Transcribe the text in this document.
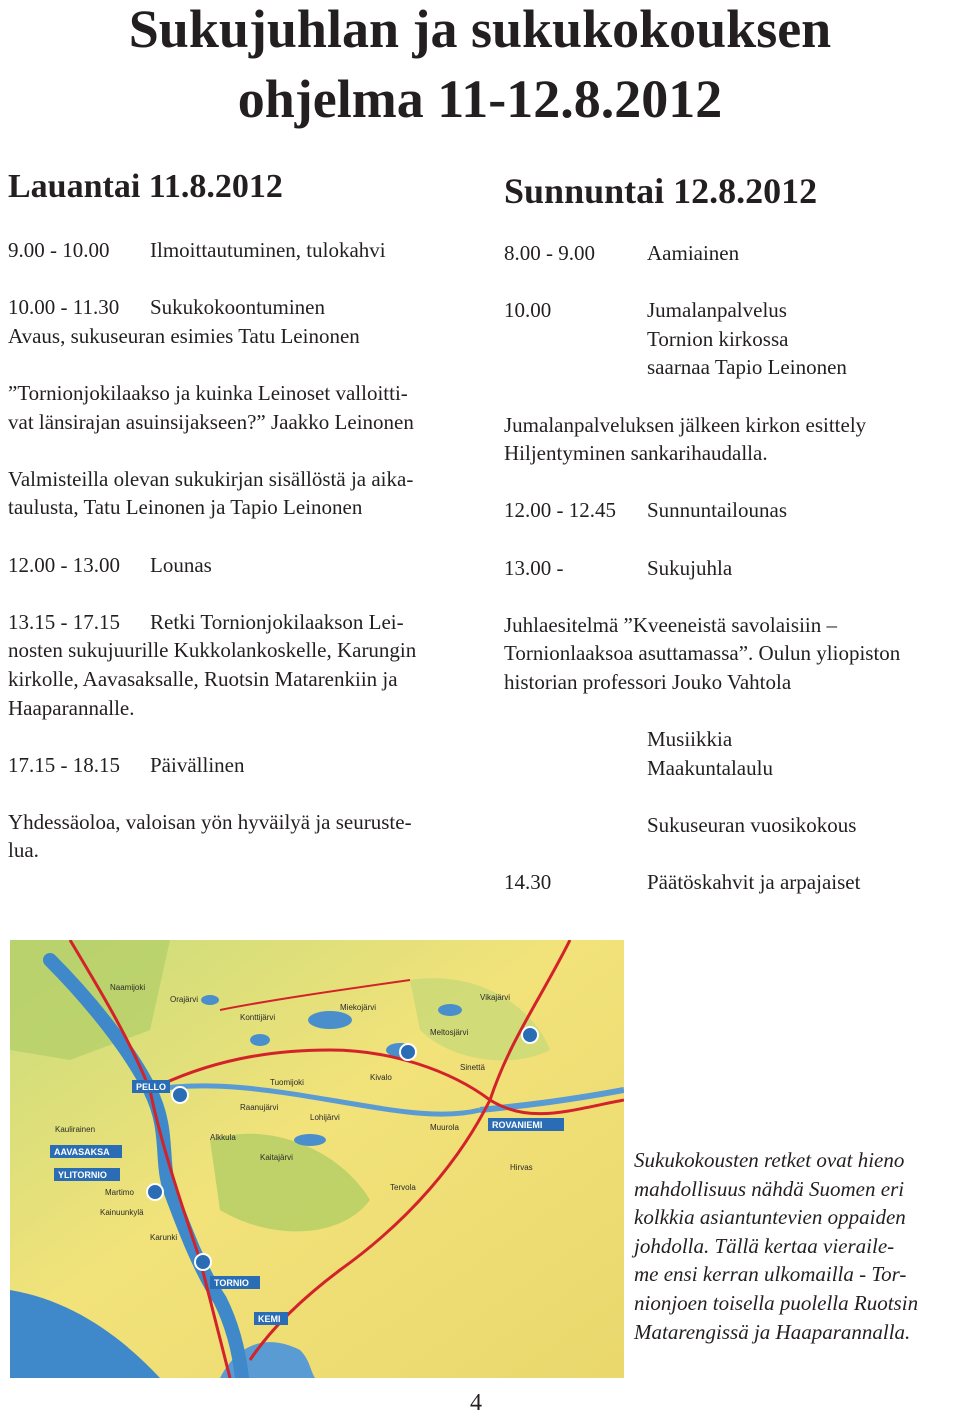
Sukujuhlan ja sukukokouksen
ohjelma 11-12.8.2012
Lauantai 11.8.2012
9.00 - 10.00 Ilmoittautuminen, tulokahvi
10.00 - 11.30 Sukukokoontuminen
Avaus, sukuseuran esimies Tatu Leinonen
”Tornionjokilaakso ja kuinka Leinoset valloitti-
vat länsirajan asuinsijakseen?” Jaakko Leinonen
Valmisteilla olevan sukukirjan sisällöstä ja aika-
taulusta, Tatu Leinonen ja Tapio Leinonen
12.00 - 13.00 Lounas
13.15 - 17.15 Retki Tornionjokilaakson Lei-
nosten sukujuurille Kukkolankoskelle, Karungin
kirkolle, Aavasaksalle, Ruotsin Matarenkiin ja
Haaparannalle.
17.15 - 18.15 Päivällinen
Yhdessäoloa, valoisan yön hyväilyä ja seuruste-
lua.
Sunnuntai 12.8.2012
8.00 - 9.00 Aamiainen
10.00	Jumalanpalvelus
Tornion kirkossa
saarnaa Tapio Leinonen
Jumalanpalveluksen jälkeen kirkon esittely
Hiljentyminen sankarihaudalla.
12.00 - 12.45 Sunnuntailounas
13.00 -	Sukujuhla
Juhlaesitelmä ”Kveeneistä savolaisiin –
Tornionlaaksoa asuttamassa”. Oulun yliopiston
historian professori Jouko Vahtola
Musiikkia
Maakuntalaulu
Sukuseuran vuosikokous
14.30	Päätöskahvit ja arpajaiset
PELLO
AAVASAKSA
YLITORNIO
ROVANIEMI
TORNIO
KEMI
Naamijoki
Orajärvi
Konttijärvi
Miekojärvi
Meltosjärvi
Tervola
Tuomijoki
Kaulirainen
Kainuunkylä
Martimo
Karunki
Alkkula
Raanujärvi
Lohijärvi
Kaitajärvi
Vikajärvi
Muurola
Kivalo
Sinettä
Hirvas	Sukukokousten retket ovat hieno
mahdollisuus nähdä Suomen eri
kolkkia asiantuntevien oppaiden
johdolla. Tällä kertaa vieraile-
me ensi kerran ulkomailla - Tor-
nionjoen toisella puolella Ruotsin
Matarengissä ja Haaparannalla.
4
